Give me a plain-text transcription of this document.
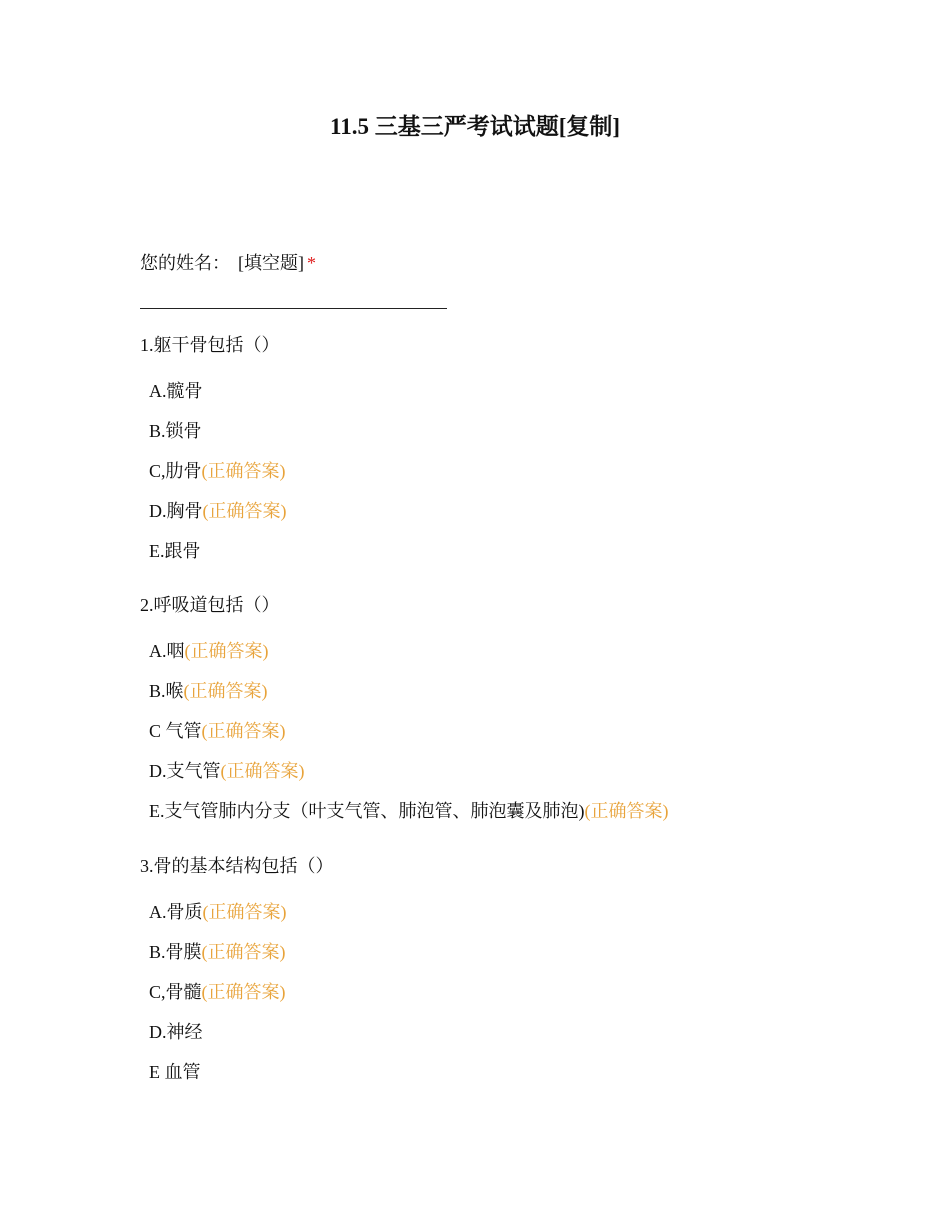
11.5 三基三严考试试题[复制]
您的姓名： [填空题] *
1.躯干骨包括（）
A.髋骨
B.锁骨
C,肋骨(正确答案)
D.胸骨(正确答案)
E.跟骨
2.呼吸道包括（）
A.咽(正确答案)
B.喉(正确答案)
C 气管(正确答案)
D.支气管(正确答案)
E.支气管肺内分支（叶支气管、肺泡管、肺泡囊及肺泡)(正确答案)
3.骨的基本结构包括（）
A.骨质(正确答案)
B.骨膜(正确答案)
C,骨髓(正确答案)
D.神经
E 血管
